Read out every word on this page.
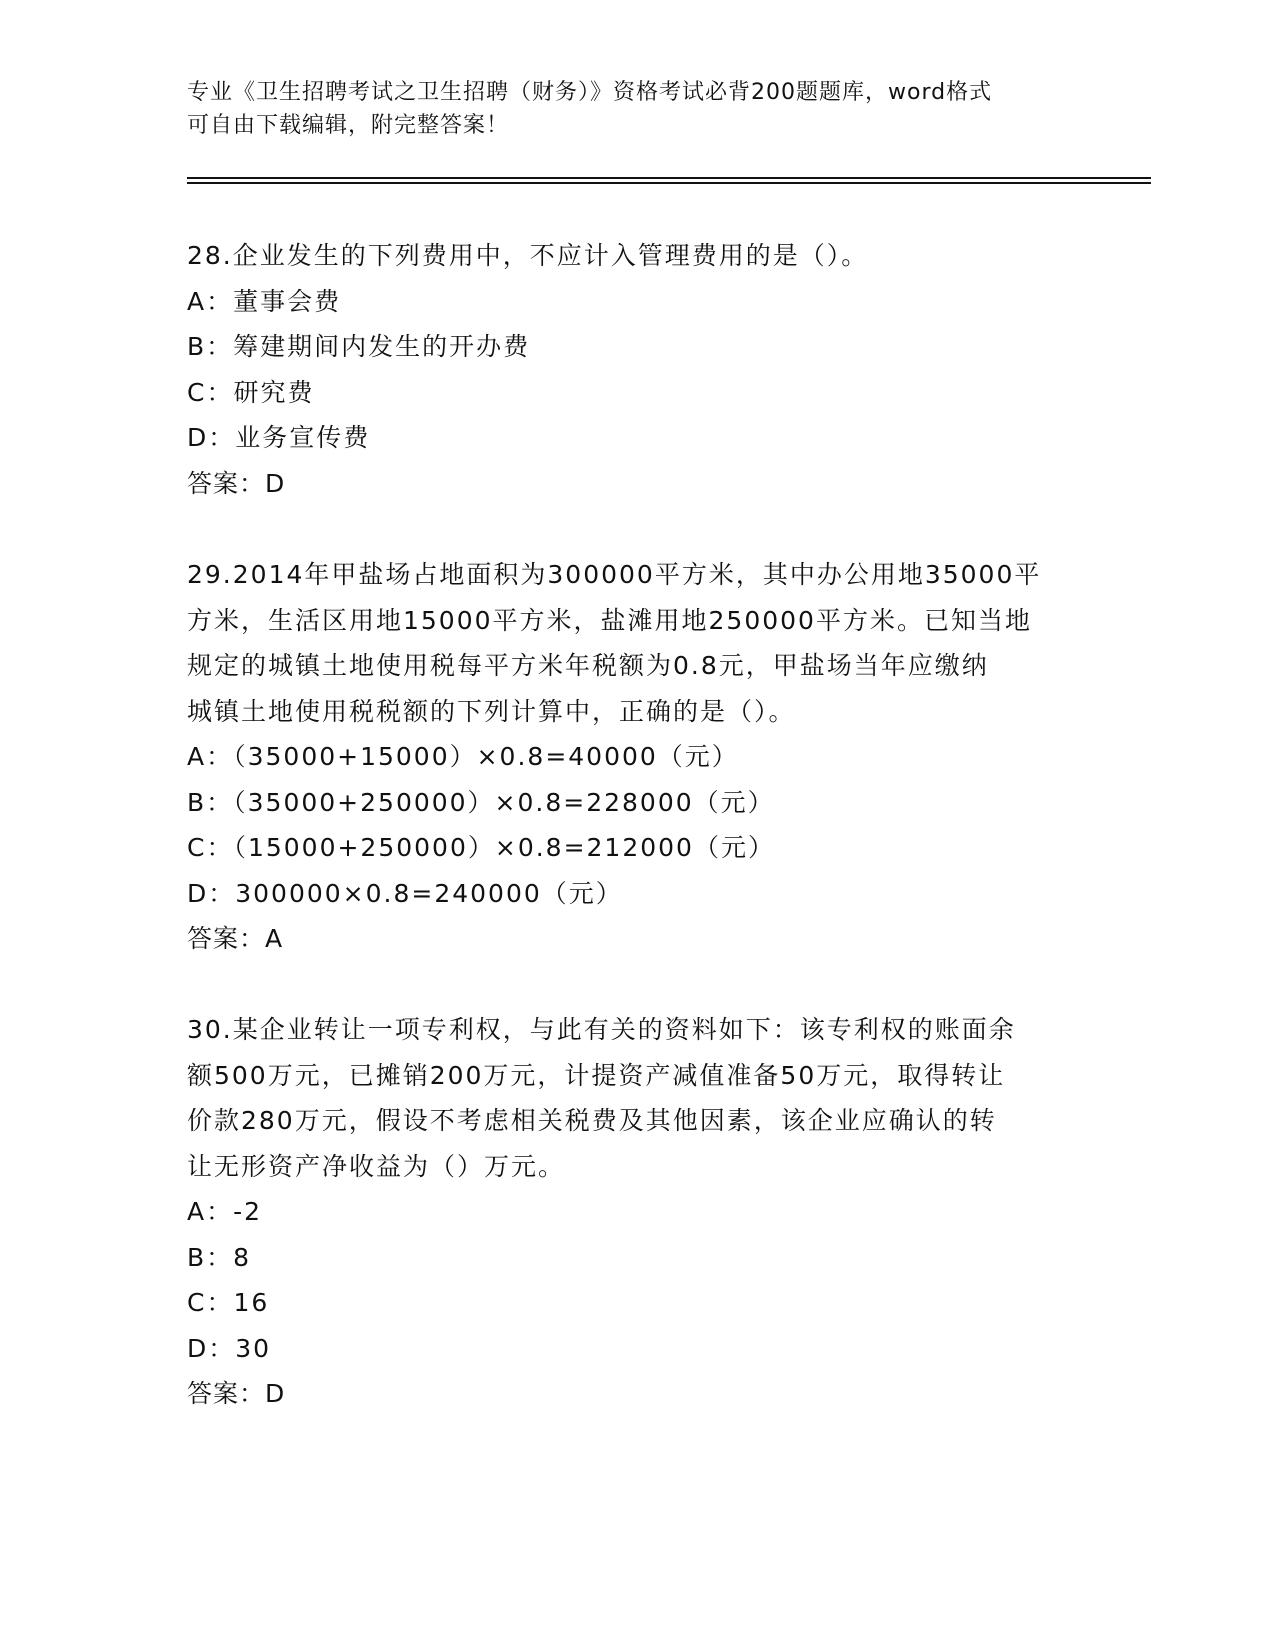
专业《卫生招聘考试之卫生招聘（财务）》资格考试必背200题题库，word格式
可自由下载编辑，附完整答案！
28.企业发生的下列费用中，不应计入管理费用的是（）。
A：董事会费
B：筹建期间内发生的开办费
C：研究费
D：业务宣传费
答案：D
29.2014年甲盐场占地面积为300000平方米，其中办公用地35000平
方米，生活区用地15000平方米，盐滩用地250000平方米。已知当地
规定的城镇土地使用税每平方米年税额为0.8元，甲盐场当年应缴纳
城镇土地使用税税额的下列计算中，正确的是（）。
A：（35000+15000）×0.8=40000（元）
B：（35000+250000）×0.8=228000（元）
C：（15000+250000）×0.8=212000（元）
D：300000×0.8=240000（元）
答案：A
30.某企业转让一项专利权，与此有关的资料如下：该专利权的账面余
额500万元，已摊销200万元，计提资产减值准备50万元，取得转让
价款280万元，假设不考虑相关税费及其他因素，该企业应确认的转
让无形资产净收益为（）万元。
A：-2
B：8
C：16
D：30
答案：D
